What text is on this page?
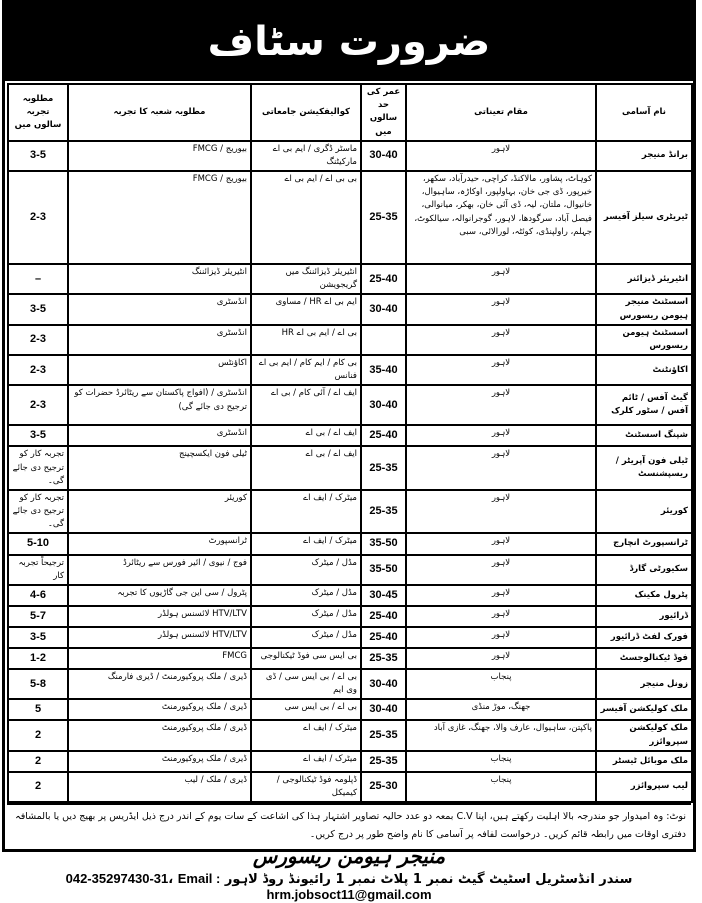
ضرورت سٹاف
نام آسامی	مقام تعیناتی	عمر کی حد سالوں میں	کوالیفکیشن جامعاتی	مطلوبہ شعبہ کا تجربہ	مطلوبہ تجربہ سالوں میں
برانڈ منیجر	لاہور	30-40	ماسٹر ڈگری / ایم بی اے مارکیٹنگ	بیوریج / FMCG	3-5
ٹیریٹری سیلز آفیسر	کوہاٹ، پشاور، مالاکنڈ، کراچی، حیدرآباد، سکھر، خیرپور، ڈی جی خان، بہاولپور، اوکاڑہ، ساہیوال، خانیوال، ملتان، لیہ، ڈی آئی خان، بھکر، میانوالی، فیصل آباد، سرگودھا، لاہور، گوجرانوالہ، سیالکوٹ، جہلم، راولپنڈی، کوئٹہ، لورالائی، سبی	25-35	بی بی اے / ایم بی اے	بیوریج / FMCG	2-3
انٹیریئر ڈیزائنر	لاہور	25-40	انٹیریئر ڈیزائننگ میں گریجویشن	انٹیریئر ڈیزائننگ	–
اسسٹنٹ منیجر ہیومن ریسورس	لاہور	30-40	ایم بی اے HR / مساوی	انڈسٹری	3-5
اسسٹنٹ ہیومن ریسورس	لاہور		بی اے / ایم بی اے HR	انڈسٹری	2-3
اکاؤنٹنٹ	لاہور	35-40	بی کام / ایم کام / ایم بی اے فنانس	اکاؤنٹس	2-3
گیٹ آفس / ٹائم آفس / سٹور کلرک	لاہور	30-40	ایف اے / آئی کام / بی اے	انڈسٹری / (افواج پاکستان سے ریٹائرڈ حضرات کو ترجیح دی جائے گی)	2-3
شپنگ اسسٹنٹ	لاہور	25-40	ایف اے / بی اے	انڈسٹری	3-5
ٹیلی فون آپریٹر / ریسپشنسٹ	لاہور	25-35	ایف اے / بی اے	ٹیلی فون ایکسچینج	تجربہ کار کو ترجیح دی جائے گی۔
کوریئر	لاہور	25-35	میٹرک / ایف اے	کوریئر	تجربہ کار کو ترجیح دی جائے گی۔
ٹرانسپورٹ انچارج	لاہور	35-50	میٹرک / ایف اے	ٹرانسپورٹ	5-10
سکیورٹی گارڈ	لاہور	35-50	مڈل / میٹرک	فوج / نیوی / ائیر فورس سے ریٹائرڈ	ترجیحاً تجربہ کار
پٹرول مکینک	لاہور	30-45	مڈل / میٹرک	پٹرول / سی این جی گاڑیوں کا تجربہ	4-6
ڈرائیور	لاہور	25-40	مڈل / میٹرک	HTV/LTV لائسنس ہولڈر	5-7
فورک لفٹ ڈرائیور	لاہور	25-40	مڈل / میٹرک	HTV/LTV لائسنس ہولڈر	3-5
فوڈ ٹیکنالوجسٹ	لاہور	25-35	بی ایس سی فوڈ ٹیکنالوجی	FMCG	1-2
زونل منیجر	پنجاب	30-40	بی اے / بی ایس سی / ڈی وی ایم	ڈیری / ملک پروکیورمنٹ / ڈیری فارمنگ	5-8
ملک کولیکشن آفیسر	جھنگ، موڑ منڈی	30-40	بی اے / بی ایس سی	ڈیری / ملک پروکیورمنٹ	5
ملک کولیکشن سپروائزر	پاکپتن، ساہیوال، عارف والا، جھنگ، غازی آباد	25-35	میٹرک / ایف اے	ڈیری / ملک پروکیورمنٹ	2
ملک موبائل ٹیسٹر	پنجاب	25-35	میٹرک / ایف اے	ڈیری / ملک پروکیورمنٹ	2
لیب سپروائزر	پنجاب	25-30	ڈپلومہ فوڈ ٹیکنالوجی / کیمیکل	ڈیری / ملک / لیب	2
نوٹ: وہ امیدوار جو مندرجہ بالا اہلیت رکھتے ہیں، اپنا C.V بمعہ دو عدد حالیہ تصاویر اشتہار ہذا کی اشاعت کے سات یوم کے اندر درج ذیل ایڈریس پر بھیج دیں یا بالمشافہ دفتری اوقات میں رابطہ قائم کریں۔ درخواست لفافہ پر آسامی کا نام واضح طور پر درج کریں۔
منیجر ہیومن ریسورس
سندر انڈسٹریل اسٹیٹ گیٹ نمبر 1 پلاٹ نمبر 1 رائیونڈ روڈ لاہور 042-35297430-31، Email : hrm.jobsoct11@gmail.com
